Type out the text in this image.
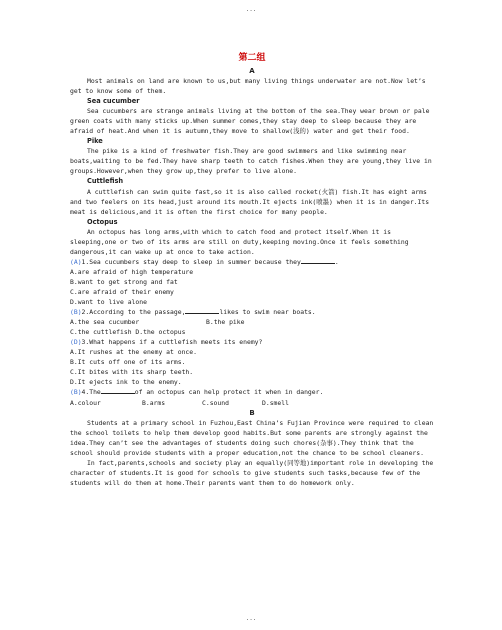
...
第二组
A

Most animals on land are known to us,but many living things underwater are not.Now let’s get to know some of them.

Sea cucumber

Sea cucumbers are strange animals living at the bottom of the sea.They wear brown or pale green coats with many sticks up.When summer comes,they stay deep to sleep because they are afraid of heat.And when it is autumn,they move to shallow(浅的) water and get their food.

Pike

The pike is a kind of freshwater fish.They are good swimmers and like swimming near boats,waiting to be fed.They have sharp teeth to catch fishes.When they are young,they live in groups.However,when they grow up,they prefer to live alone.

Cuttlefish

A cuttlefish can swim quite fast,so it is also called rocket(火箭) fish.It has eight arms and two feelers on its head,just around its mouth.It ejects ink(喷墨) when it is in danger.Its meat is delicious,and it is often the first choice for many people.

Octopus

An octopus has long arms,with which to catch food and protect itself.When it is sleeping,one or two of its arms are still on duty,keeping moving.Once it feels something dangerous,it can wake up at once to take action.

(A)1.Sea cucumbers stay deep to sleep in summer because they	.

A.are afraid of high temperature

B.want to get strong and fat

C.are afraid of their enemy

D.want to live alone

(B)2.According to the passage,	likes to swim near boats.

A.the sea cucumber	B.the pike

C.the cuttlefish D.the octopus

(D)3.What happens if a cuttlefish meets its enemy?

A.It rushes at the enemy at once.

B.It cuts off one of its arms.

C.It bites with its sharp teeth.

D.It ejects ink to the enemy.

(B)4.The	of an octopus can help protect it when in danger.

A.colour	B.arms	C.sound	D.smell
B

Students at a primary school in Fuzhou,East China’s Fujian Province were required to clean the school toilets to help them develop good habits.But some parents are strongly against the idea.They can’t see the advantages of students doing such chores(杂事).They think that the school should provide students with a proper education,not the chance to be school cleaners.

In fact,parents,schools and society play an equally(同等地)important role in developing the character of students.It is good for schools to give students such tasks,because few of the students will do them at home.Their parents want them to do homework only.

...
